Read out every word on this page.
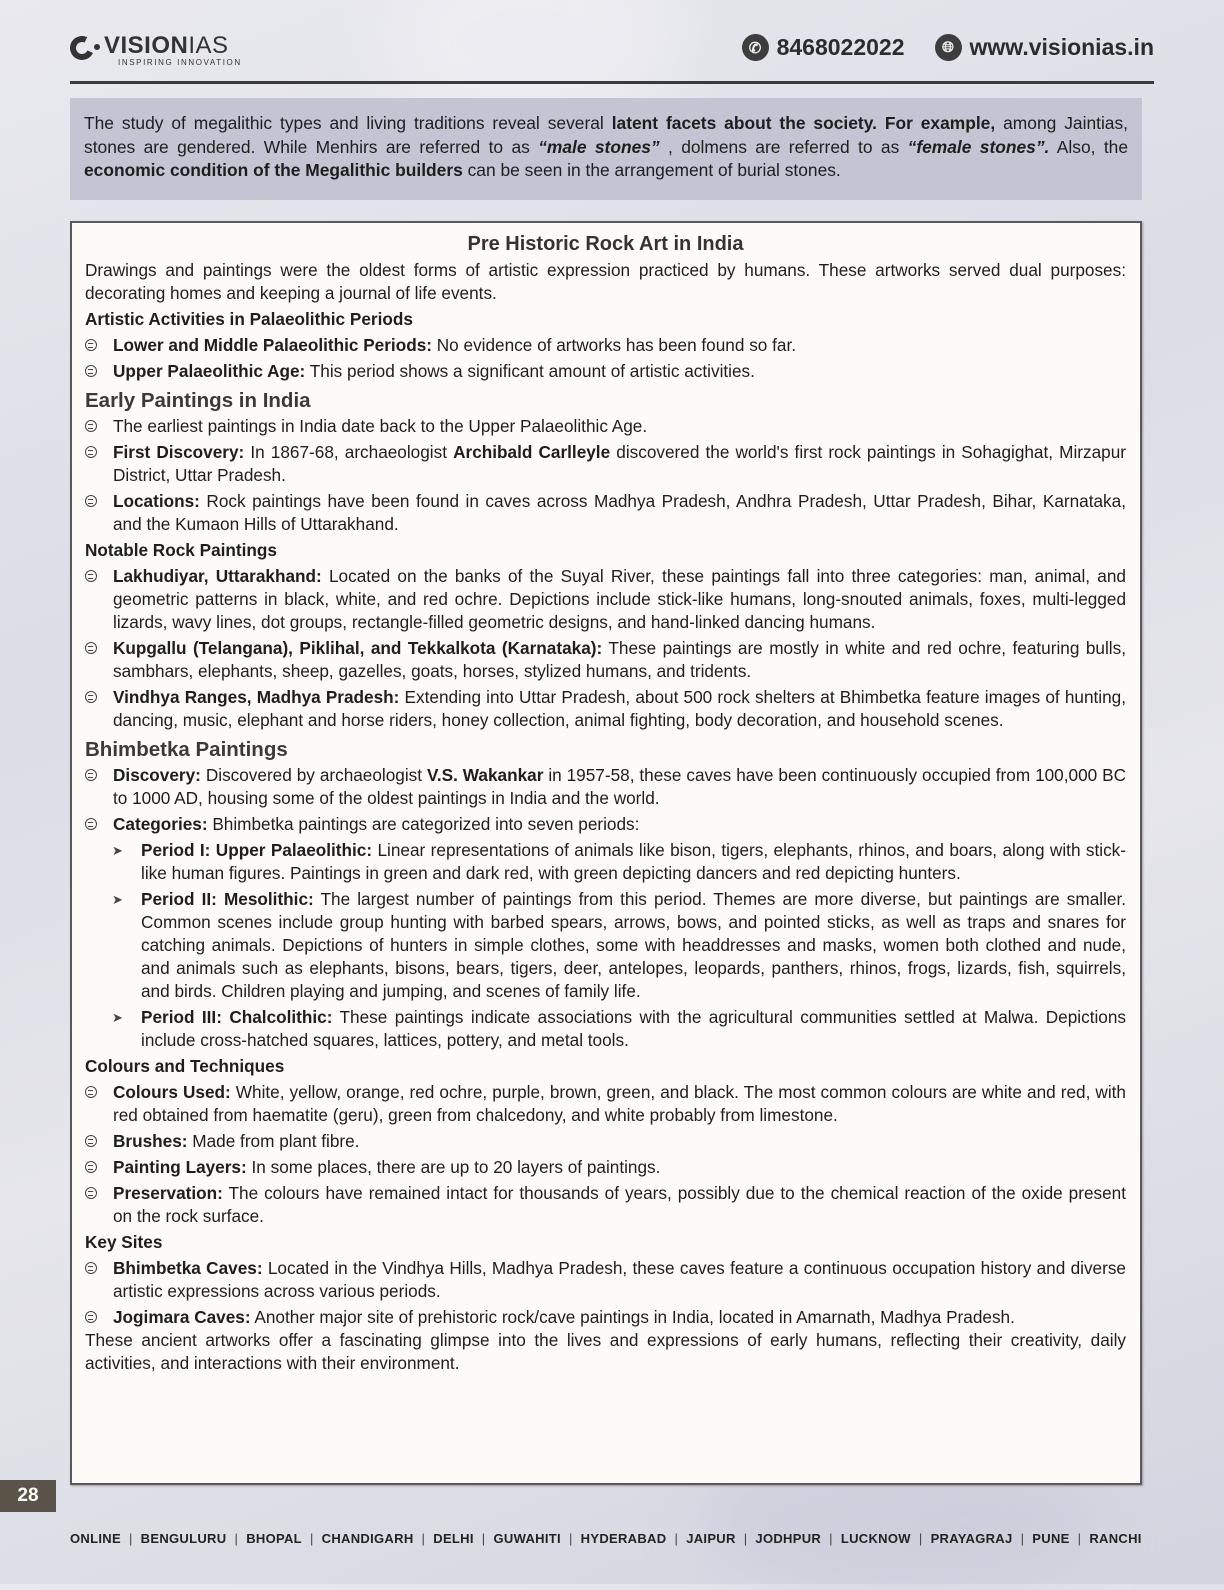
VISIONIAS
INSPIRING INNOVATION
✆ 8468022022	🌐︎ www.visionias.in
The study of megalithic types and living traditions reveal several latent facets about the society. For example, among Jaintias, stones are gendered. While Menhirs are referred to as “male stones” , dolmens are referred to as “female stones”. Also, the economic condition of the Megalithic builders can be seen in the arrangement of burial stones.
Pre Historic Rock Art in India
Drawings and paintings were the oldest forms of artistic expression practiced by humans. These artworks served dual purposes: decorating homes and keeping a journal of life events.
Artistic Activities in Palaeolithic Periods
Lower and Middle Palaeolithic Periods: No evidence of artworks has been found so far.
Upper Palaeolithic Age: This period shows a significant amount of artistic activities.
Early Paintings in India
The earliest paintings in India date back to the Upper Palaeolithic Age.
First Discovery: In 1867-68, archaeologist Archibald Carlleyle discovered the world's first rock paintings in Sohagighat, Mirzapur District, Uttar Pradesh.
Locations: Rock paintings have been found in caves across Madhya Pradesh, Andhra Pradesh, Uttar Pradesh, Bihar, Karnataka, and the Kumaon Hills of Uttarakhand.
Notable Rock Paintings
Lakhudiyar, Uttarakhand: Located on the banks of the Suyal River, these paintings fall into three categories: man, animal, and geometric patterns in black, white, and red ochre. Depictions include stick-like humans, long-snouted animals, foxes, multi-legged lizards, wavy lines, dot groups, rectangle-filled geometric designs, and hand-linked dancing humans.
Kupgallu (Telangana), Piklihal, and Tekkalkota (Karnataka): These paintings are mostly in white and red ochre, featuring bulls, sambhars, elephants, sheep, gazelles, goats, horses, stylized humans, and tridents.
Vindhya Ranges, Madhya Pradesh: Extending into Uttar Pradesh, about 500 rock shelters at Bhimbetka feature images of hunting, dancing, music, elephant and horse riders, honey collection, animal fighting, body decoration, and household scenes.
Bhimbetka Paintings
Discovery: Discovered by archaeologist V.S. Wakankar in 1957-58, these caves have been continuously occupied from 100,000 BC to 1000 AD, housing some of the oldest paintings in India and the world.
Categories: Bhimbetka paintings are categorized into seven periods:
➤ Period I: Upper Palaeolithic: Linear representations of animals like bison, tigers, elephants, rhinos, and boars, along with stick-like human figures. Paintings in green and dark red, with green depicting dancers and red depicting hunters.
➤ Period II: Mesolithic: The largest number of paintings from this period. Themes are more diverse, but paintings are smaller. Common scenes include group hunting with barbed spears, arrows, bows, and pointed sticks, as well as traps and snares for catching animals. Depictions of hunters in simple clothes, some with headdresses and masks, women both clothed and nude, and animals such as elephants, bisons, bears, tigers, deer, antelopes, leopards, panthers, rhinos, frogs, lizards, fish, squirrels, and birds. Children playing and jumping, and scenes of family life.
➤ Period III: Chalcolithic: These paintings indicate associations with the agricultural communities settled at Malwa. Depictions include cross-hatched squares, lattices, pottery, and metal tools.
Colours and Techniques
Colours Used: White, yellow, orange, red ochre, purple, brown, green, and black. The most common colours are white and red, with red obtained from haematite (geru), green from chalcedony, and white probably from limestone.
Brushes: Made from plant fibre.
Painting Layers: In some places, there are up to 20 layers of paintings.
Preservation: The colours have remained intact for thousands of years, possibly due to the chemical reaction of the oxide present on the rock surface.
Key Sites
Bhimbetka Caves: Located in the Vindhya Hills, Madhya Pradesh, these caves feature a continuous occupation history and diverse artistic expressions across various periods.
Jogimara Caves: Another major site of prehistoric rock/cave paintings in India, located in Amarnath, Madhya Pradesh.
These ancient artworks offer a fascinating glimpse into the lives and expressions of early humans, reflecting their creativity, daily activities, and interactions with their environment.
28
ONLINE | BENGULURU | BHOPAL | CHANDIGARH | DELHI | GUWAHITI | HYDERABAD | JAIPUR | JODHPUR | LUCKNOW | PRAYAGRAJ | PUNE | RANCHI
